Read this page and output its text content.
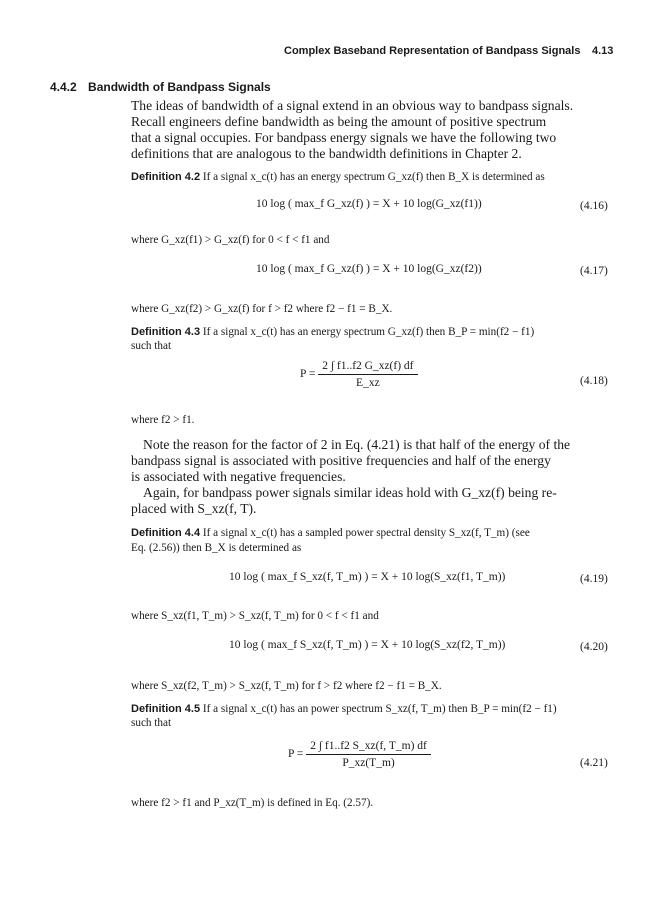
Complex Baseband Representation of Bandpass Signals 4.13
4.4.2 Bandwidth of Bandpass Signals
The ideas of bandwidth of a signal extend in an obvious way to bandpass signals.
Recall engineers define bandwidth as being the amount of positive spectrum
that a signal occupies. For bandpass energy signals we have the following two
definitions that are analogous to the bandwidth definitions in Chapter 2.
Definition 4.2 If a signal x_c(t) has an energy spectrum G_xz(f) then B_X is determined as
10 log ( max_f G_xz(f) ) = X + 10 log(G_xz(f1))	(4.16)
where G_xz(f1) > G_xz(f) for 0 < f < f1 and
10 log ( max_f G_xz(f) ) = X + 10 log(G_xz(f2))	(4.17)
where G_xz(f2) > G_xz(f) for f > f2 where f2 − f1 = B_X.
Definition 4.3 If a signal x_c(t) has an energy spectrum G_xz(f) then B_P = min(f2 − f1)
such that
$P = \frac{2 \int f1..f2 G\_xz(f) df}{E\_xz}$	(4.18)
where f2 > f1.
Note the reason for the factor of 2 in Eq. (4.21) is that half of the energy of the
bandpass signal is associated with positive frequencies and half of the energy
is associated with negative frequencies.
Again, for bandpass power signals similar ideas hold with G_xz(f) being re-
placed with S_xz(f, T).
Definition 4.4 If a signal x_c(t) has a sampled power spectral density S_xz(f, T_m) (see
Eq. (2.56)) then B_X is determined as
10 log ( max_f S_xz(f, T_m) ) = X + 10 log(S_xz(f1, T_m))	(4.19)
where S_xz(f1, T_m) > S_xz(f, T_m) for 0 < f < f1 and
10 log ( max_f S_xz(f, T_m) ) = X + 10 log(S_xz(f2, T_m))	(4.20)
where S_xz(f2, T_m) > S_xz(f, T_m) for f > f2 where f2 − f1 = B_X.
Definition 4.5 If a signal x_c(t) has an power spectrum S_xz(f, T_m) then B_P = min(f2 − f1)
such that
$P = \frac{2 \int f1..f2 S\_xz(f, T\_m) df}{P\_xz(T\_m)}$	(4.21)
where f2 > f1 and P_xz(T_m) is defined in Eq. (2.57).
